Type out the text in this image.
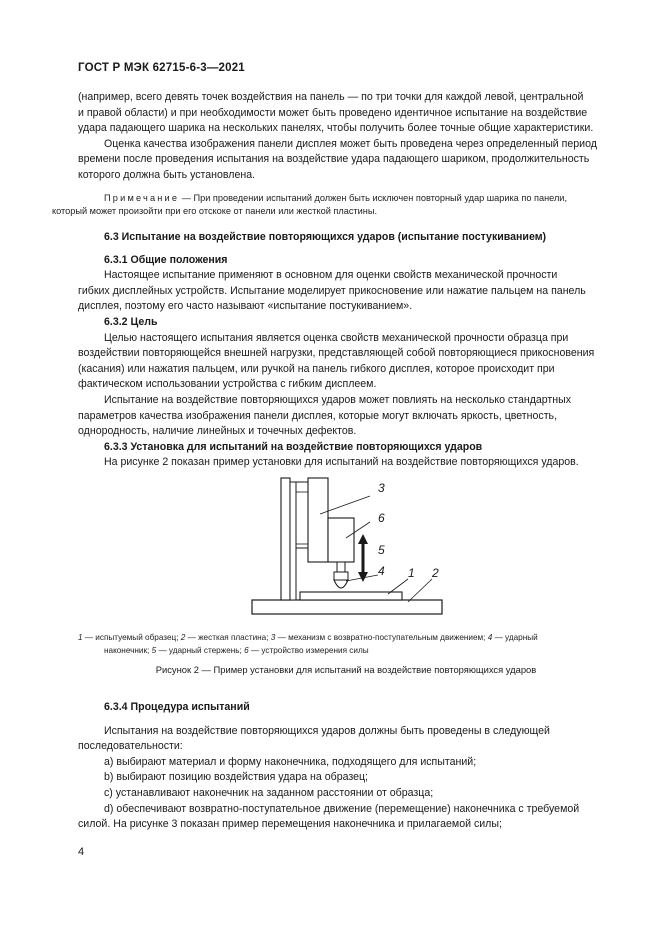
ГОСТ Р МЭК 62715-6-3—2021

(например, всего девять точек воздействия на панель — по три точки для каждой левой, центральной
и правой области) и при необходимости может быть проведено идентичное испытание на воздействие
удара падающего шарика на нескольких панелях, чтобы получить более точные общие характеристики.
Оценка качества изображения панели дисплея может быть проведена через определенный период
времени после проведения испытания на воздействие удара падающего шариком, продолжительность
которого должна быть установлена.

Примечание — При проведении испытаний должен быть исключен повторный удар шарика по панели,
который может произойти при его отскоке от панели или жесткой пластины.

6.3 Испытание на воздействие повторяющихся ударов (испытание постукиванием)

6.3.1 Общие положения

Настоящее испытание применяют в основном для оценки свойств механической прочности
гибких дисплейных устройств. Испытание моделирует прикосновение или нажатие пальцем на панель
дисплея, поэтому его часто называют «испытание постукиванием».

6.3.2 Цель

Целью настоящего испытания является оценка свойств механической прочности образца при
воздействии повторяющейся внешней нагрузки, представляющей собой повторяющиеся прикосновения
(касания) или нажатия пальцем, или ручкой на панель гибкого дисплея, которое происходит при
фактическом использовании устройства с гибким дисплеем.

Испытание на воздействие повторяющихся ударов может повлиять на несколько стандартных
параметров качества изображения панели дисплея, которые могут включать яркость, цветность,
однородность, наличие линейных и точечных дефектов.

6.3.3 Установка для испытаний на воздействие повторяющихся ударов

На рисунке 2 показан пример установки для испытаний на воздействие повторяющихся ударов.

3
6
5
4 1 2
1 — испытуемый образец; 2 — жесткая пластина; 3 — механизм с возвратно-поступательным движением; 4 — ударный
наконечник; 5 — ударный стержень; 6 — устройство измерения силы
Рисунок 2 — Пример установки для испытаний на воздействие повторяющихся ударов

6.3.4 Процедура испытаний

Испытания на воздействие повторяющихся ударов должны быть проведены в следующей
последовательности:

a) выбирают материал и форму наконечника, подходящего для испытаний;

b) выбирают позицию воздействия удара на образец;

c) устанавливают наконечник на заданном расстоянии от образца;

d) обеспечивают возвратно-поступательное движение (перемещение) наконечника с требуемой
силой. На рисунке 3 показан пример перемещения наконечника и прилагаемой силы;

4
